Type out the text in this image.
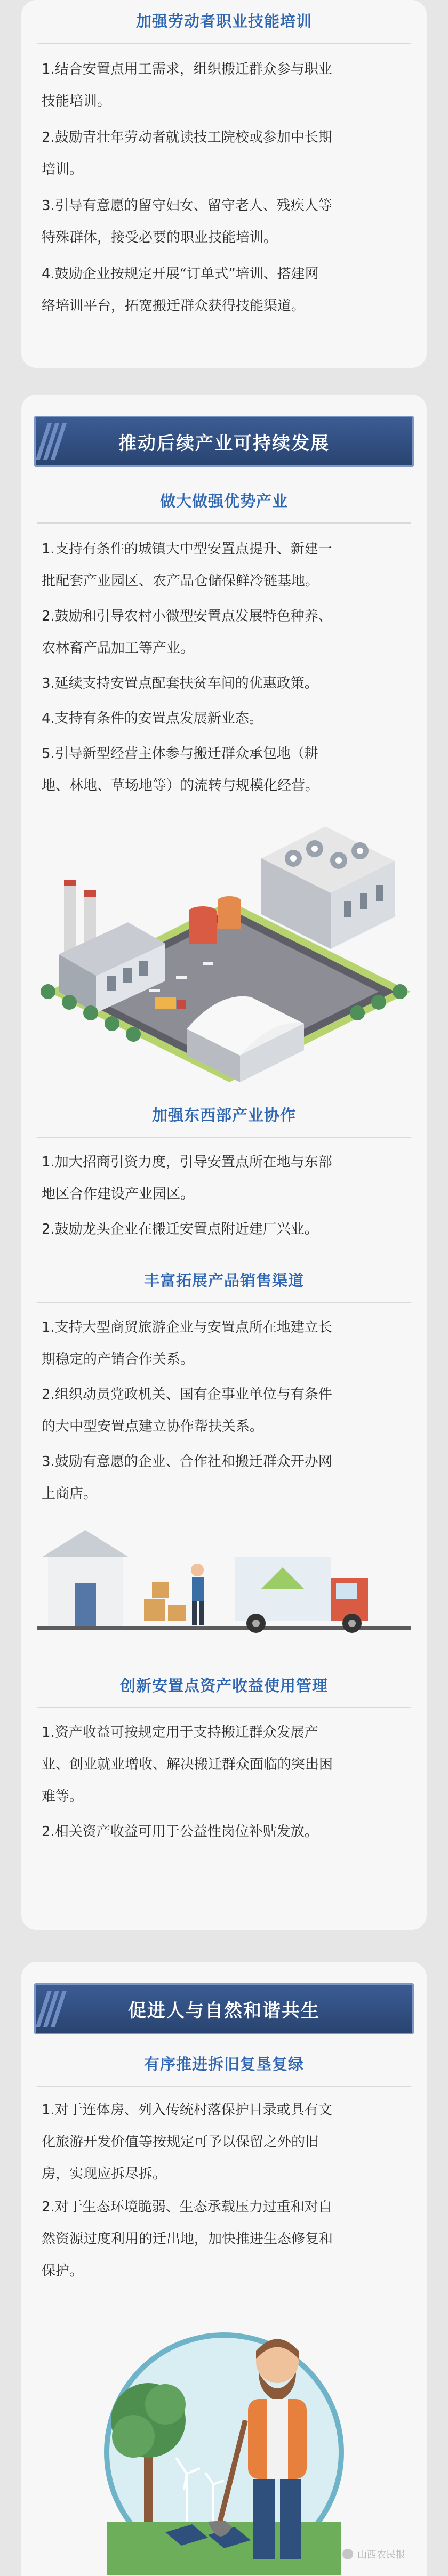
加强劳动者职业技能培训
1.结合安置点用工需求，组织搬迁群众参与职业
技能培训。
2.鼓励青壮年劳动者就读技工院校或参加中长期
培训。
3.引导有意愿的留守妇女、留守老人、残疾人等
特殊群体，接受必要的职业技能培训。
4.鼓励企业按规定开展“订单式”培训、搭建网
络培训平台，拓宽搬迁群众获得技能渠道。
推动后续产业可持续发展
做大做强优势产业
1.支持有条件的城镇大中型安置点提升、新建一
批配套产业园区、农产品仓储保鲜冷链基地。
2.鼓励和引导农村小微型安置点发展特色种养、
农林畜产品加工等产业。
3.延续支持安置点配套扶贫车间的优惠政策。
4.支持有条件的安置点发展新业态。
5.引导新型经营主体参与搬迁群众承包地（耕
地、林地、草场地等）的流转与规模化经营。
加强东西部产业协作
1.加大招商引资力度，引导安置点所在地与东部
地区合作建设产业园区。
2.鼓励龙头企业在搬迁安置点附近建厂兴业。
丰富拓展产品销售渠道
1.支持大型商贸旅游企业与安置点所在地建立长
期稳定的产销合作关系。
2.组织动员党政机关、国有企事业单位与有条件
的大中型安置点建立协作帮扶关系。
3.鼓励有意愿的企业、合作社和搬迁群众开办网
上商店。
创新安置点资产收益使用管理
1.资产收益可按规定用于支持搬迁群众发展产
业、创业就业增收、解决搬迁群众面临的突出困
难等。
2.相关资产收益可用于公益性岗位补贴发放。
促进人与自然和谐共生
有序推进拆旧复垦复绿
1.对于连体房、列入传统村落保护目录或具有文
化旅游开发价值等按规定可予以保留之外的旧
房，实现应拆尽拆。
2.对于生态环境脆弱、生态承载压力过重和对自
然资源过度利用的迁出地，加快推进生态修复和
保护。
山西农民报
